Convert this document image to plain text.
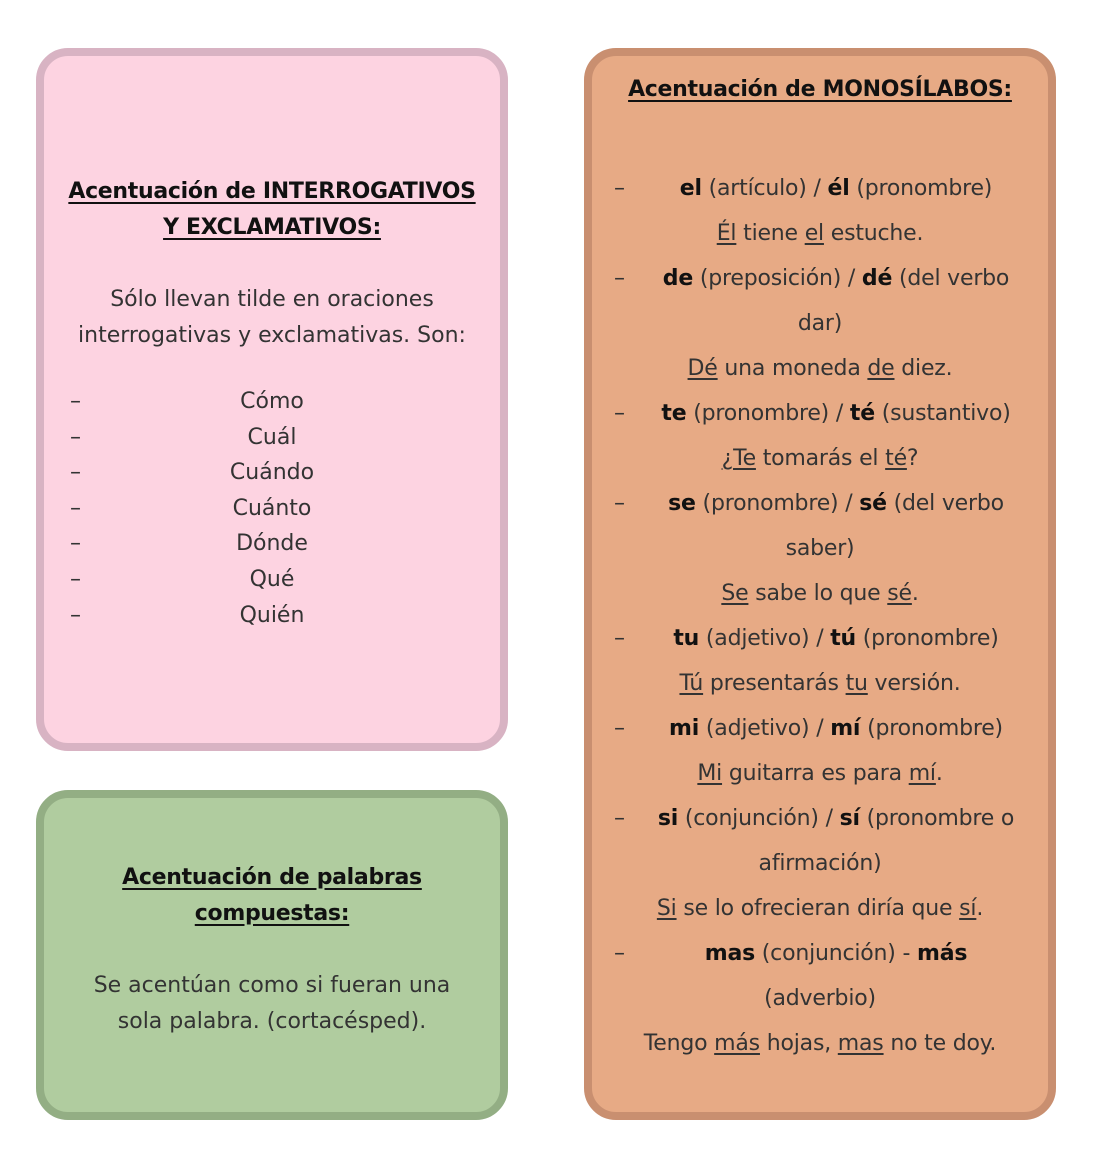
Acentuación de INTERROGATIVOS
Y EXCLAMATIVOS:
Sólo llevan tilde en oraciones
interrogativas y exclamativas. Son:
–	Cómo
–	Cuál
–	Cuándo
–	Cuánto
–	Dónde
–	Qué
–	Quién
Acentuación de palabras
compuestas:
Se acentúan como si fueran una
sola palabra. (cortacésped).
Acentuación de MONOSÍLABOS:
– el (artículo) / él (pronombre)
Él tiene el estuche.
– de (preposición) / dé (del verbo
dar)
Dé una moneda de diez.
– te (pronombre) / té (sustantivo)
¿Te tomarás el té?
– se (pronombre) / sé (del verbo
saber)
Se sabe lo que sé.
– tu (adjetivo) / tú (pronombre)
Tú presentarás tu versión.
– mi (adjetivo) / mí (pronombre)
Mi guitarra es para mí.
– si (conjunción) / sí (pronombre o
afirmación)
Si se lo ofrecieran diría que sí.
–	mas (conjunción) - más
(adverbio)
Tengo más hojas, mas no te doy.
